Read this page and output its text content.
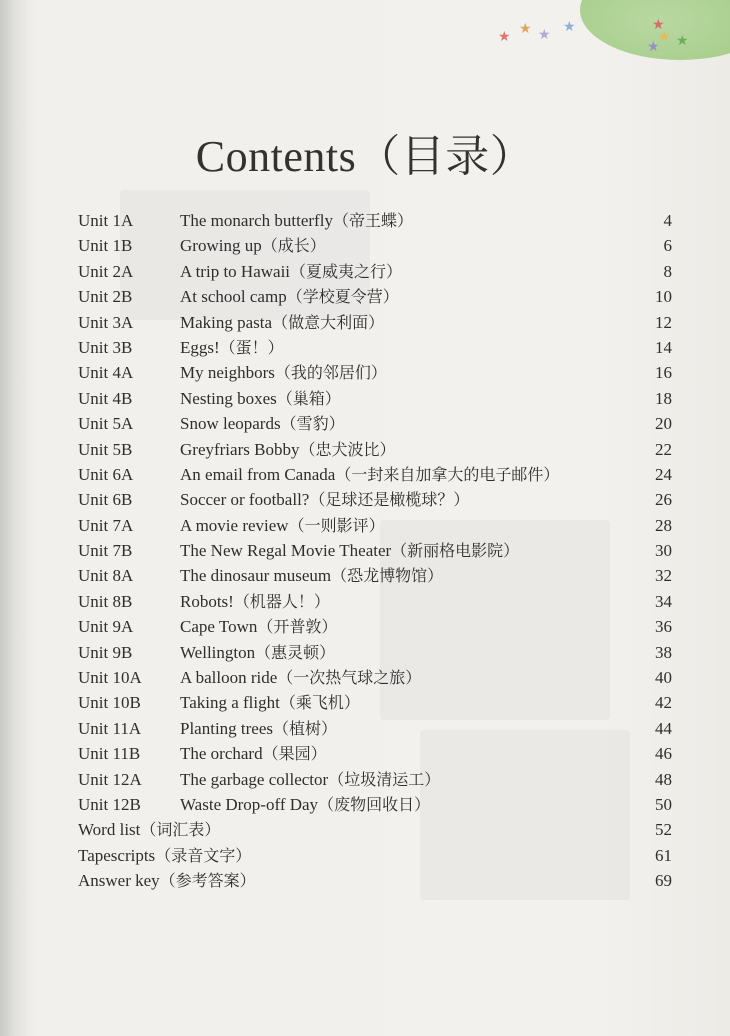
★ ★ ★ ★	★
★
★ ★
Contents（目录）
Unit 1A	The monarch butterfly（帝王蝶）	4
Unit 1B	Growing up（成长）	6
Unit 2A	A trip to Hawaii（夏威夷之行）	8
Unit 2B	At school camp（学校夏令营）	10
Unit 3A	Making pasta（做意大利面）	12
Unit 3B	Eggs!（蛋！）	14
Unit 4A	My neighbors（我的邻居们）	16
Unit 4B	Nesting boxes（巢箱）	18
Unit 5A	Snow leopards（雪豹）	20
Unit 5B	Greyfriars Bobby（忠犬波比）	22
Unit 6A	An email from Canada（一封来自加拿大的电子邮件）	24
Unit 6B	Soccer or football?（足球还是橄榄球？）	26
Unit 7A	A movie review（一则影评）	28
Unit 7B	The New Regal Movie Theater（新丽格电影院）	30
Unit 8A	The dinosaur museum（恐龙博物馆）	32
Unit 8B	Robots!（机器人！）	34
Unit 9A	Cape Town（开普敦）	36
Unit 9B	Wellington（惠灵顿）	38
Unit 10A	A balloon ride（一次热气球之旅）	40
Unit 10B	Taking a flight（乘飞机）	42
Unit 11A	Planting trees（植树）	44
Unit 11B	The orchard（果园）	46
Unit 12A	The garbage collector（垃圾清运工）	48
Unit 12B	Waste Drop-off Day（废物回收日）	50
Word list（词汇表）	52
Tapescripts（录音文字）	61
Answer key（参考答案）	69
